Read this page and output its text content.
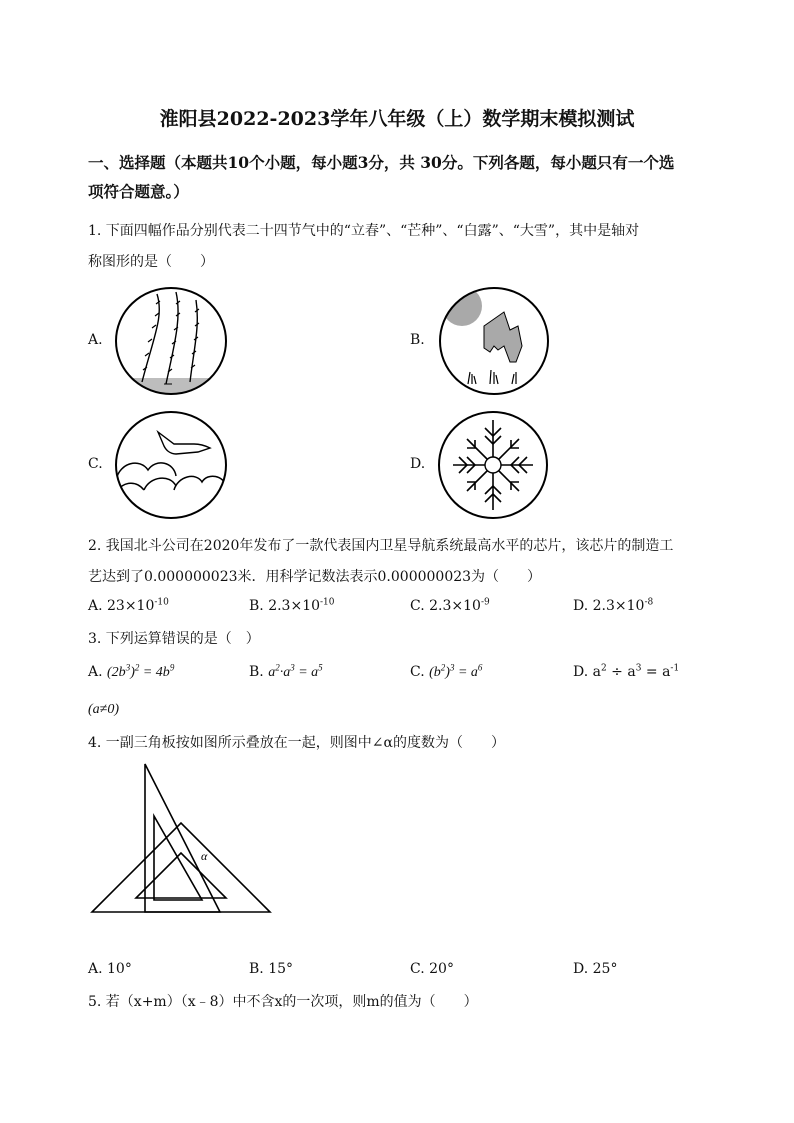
淮阳县2022-2023学年八年级（上）数学期末模拟测试
一、选择题（本题共10个小题，每小题3分，共 30分。下列各题，每小题只有一个选
项符合题意。）
1. 下面四幅作品分别代表二十四节气中的“立春”、“芒种”、“白露”、“大雪”，其中是轴对
称图形的是（　　）
A.	B.
C.	D.
2. 我国北斗公司在2020年发布了一款代表国内卫星导航系统最高水平的芯片，该芯片的制造工
艺达到了0.000000023米．用科学记数法表示0.000000023为（　　）
A. $23\times 10^{-10}$	B. $2.3\times 10^{-10}$	C. $2.3\times 10^{-9}$	D. $2.3\times 10^{-8}$
3. 下列运算错误的是（　）
A. $(2b^3)^2 = 4b^9$	B. $a^2\cdot a^3 = a^5$	C. $(b^2)^3 = a^6$	D. $a^2 \div a^3 = a^{-1}$
(a≠0)
4. 一副三角板按如图所示叠放在一起，则图中∠α的度数为（　　）
α
A. 10°	B. 15°	C. 20°	D. 25°
5. 若（x+m）（x﹣8）中不含x的一次项，则m的值为（　　）
